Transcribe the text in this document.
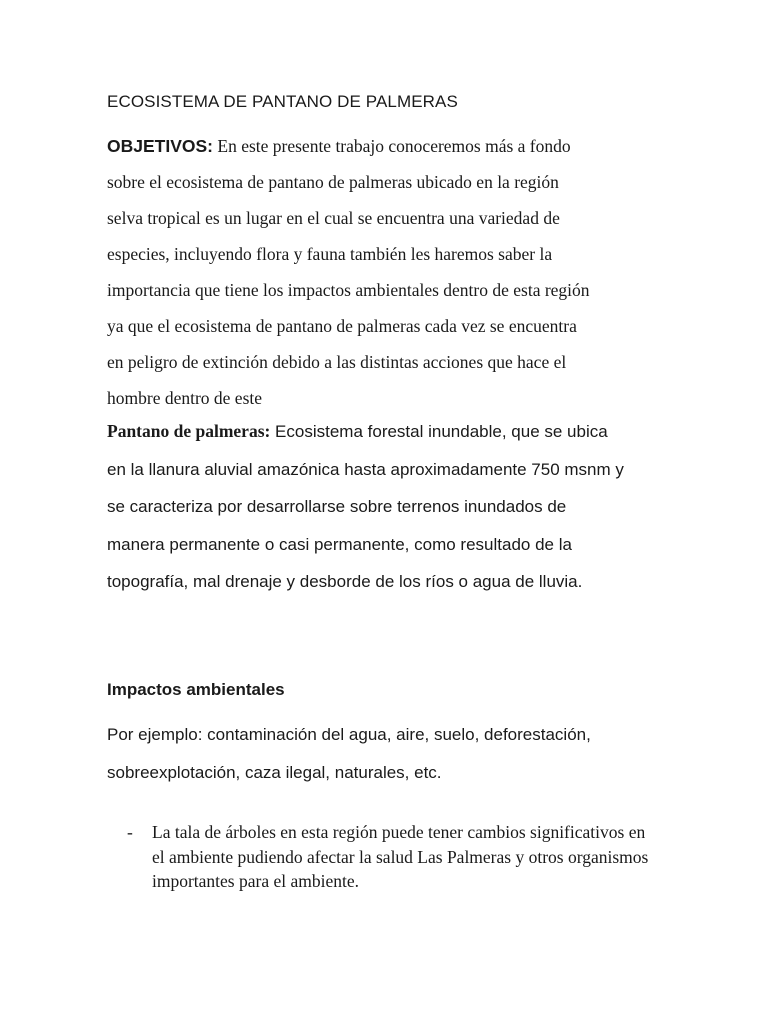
ECOSISTEMA DE PANTANO DE PALMERAS
OBJETIVOS: En este presente trabajo conoceremos más a fondo
sobre el ecosistema de pantano de palmeras ubicado en la región
selva tropical es un lugar en el cual se encuentra una variedad de
especies, incluyendo flora y fauna también les haremos saber la
importancia que tiene los impactos ambientales dentro de esta región
ya que el ecosistema de pantano de palmeras cada vez se encuentra
en peligro de extinción debido a las distintas acciones que hace el
hombre dentro de este
Pantano de palmeras: Ecosistema forestal inundable, que se ubica
en la llanura aluvial amazónica hasta aproximadamente 750 msnm y
se caracteriza por desarrollarse sobre terrenos inundados de
manera permanente o casi permanente, como resultado de la
topografía, mal drenaje y desborde de los ríos o agua de lluvia.
Impactos ambientales
Por ejemplo: contaminación del agua, aire, suelo, deforestación,
sobreexplotación, caza ilegal, naturales, etc.
- La tala de árboles en esta región puede tener cambios significativos en el ambiente pudiendo afectar la salud Las Palmeras y otros organismos importantes para el ambiente.
